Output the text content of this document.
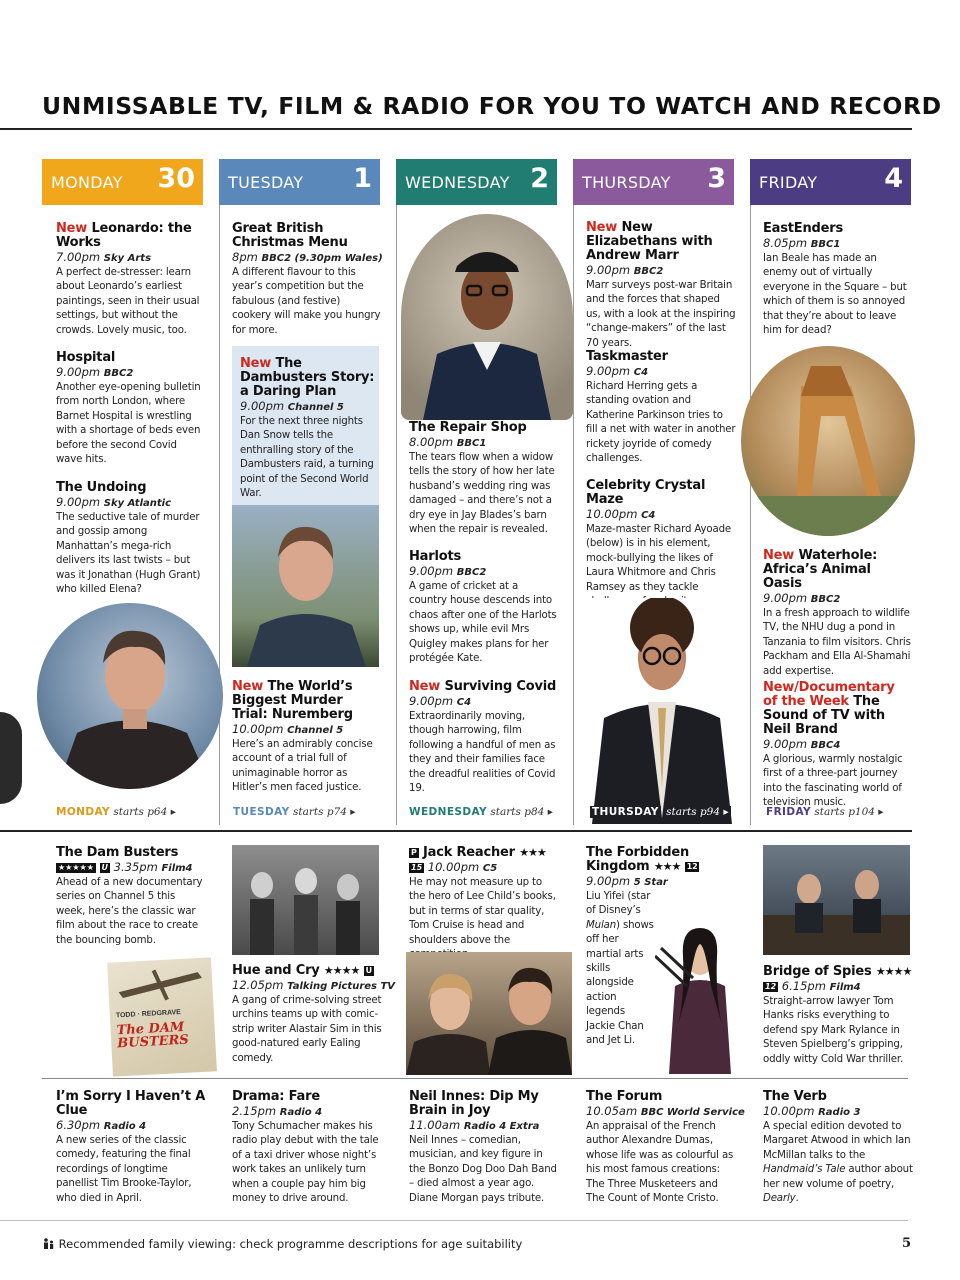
UNMISSABLE TV, FILM & RADIO FOR YOU TO WATCH AND RECORD
MONDAY 30 TUESDAY 1 WEDNESDAY 2 THURSDAY 3 FRIDAY 4
New Leonardo: the Works
7.00pm Sky Arts
A perfect de-stresser: learn about Leonardo’s earliest paintings, seen in their usual settings, but without the crowds. Lovely music, too.
Hospital
9.00pm BBC2
Another eye-opening bulletin from north London, where Barnet Hospital is wrestling with a shortage of beds even before the second Covid wave hits.
The Undoing
9.00pm Sky Atlantic
The seductive tale of murder and gossip among Manhattan’s mega-rich delivers its last twists – but was it Jonathan (Hugh Grant) who killed Elena?
Great British Christmas Menu
8pm BBC2 (9.30pm Wales)
A different flavour to this year’s competition but the fabulous (and festive) cookery will make you hungry for more.
New The Dambusters Story: a Daring Plan
9.00pm Channel 5
For the next three nights Dan Snow tells the enthralling story of the Dambusters raid, a turning point of the Second World War.
New The World’s Biggest Murder Trial: Nuremberg
10.00pm Channel 5
Here’s an admirably concise account of a trial full of unimaginable horror as Hitler’s men faced justice.
The Repair Shop
8.00pm BBC1
The tears flow when a widow tells the story of how her late husband’s wedding ring was damaged – and there’s not a dry eye in Jay Blades’s barn when the repair is revealed.
Harlots
9.00pm BBC2
A game of cricket at a country house descends into chaos after one of the Harlots shows up, while evil Mrs Quigley makes plans for her protégée Kate.
New Surviving Covid
9.00pm C4
Extraordinarily moving, though harrowing, film following a handful of men as they and their families face the dreadful realities of Covid 19.
New New Elizabethans with Andrew Marr
9.00pm BBC2
Marr surveys post-war Britain and the forces that shaped us, with a look at the inspiring “change-makers” of the last 70 years.
Taskmaster
9.00pm C4
Richard Herring gets a standing ovation and Katherine Parkinson tries to fill a net with water in another rickety joyride of comedy challenges.
Celebrity Crystal Maze
10.00pm C4
Maze-master Richard Ayoade (below) is in his element, mock-bullying the likes of Laura Whitmore and Chris Ramsey as they tackle
EastEnders
8.05pm BBC1
Ian Beale has made an enemy out of virtually everyone in the Square – but which of them is so annoyed that they’re about to leave him for dead?
New Waterhole: Africa’s Animal Oasis
9.00pm BBC2
In a fresh approach to wildlife TV, the NHU dug a pond in Tanzania to film visitors. Chris Packham and Ella Al-Shamahi add expertise.
New/Documentary of the Week The Sound of TV with Neil Brand
9.00pm BBC4
A glorious, warmly nostalgic first of a three-part journey into the fascinating world of television music.
MONDAY starts p64 ▸	TUESDAY starts p74 ▸	WEDNESDAY starts p84 ▸	THURSDAY starts p94 ▸	FRIDAY starts p104 ▸
The Dam Busters
★★★★★ U 3.35pm Film4
Ahead of a new documentary series on Channel 5 this week, here’s the classic war film about the race to create the bouncing bomb.
The DAM BUSTERS
TODD · REDGRAVE
Hue and Cry ★★★★ U
12.05pm Talking Pictures TV
A gang of crime-solving street urchins teams up with comic-strip writer Alastair Sim in this good-natured early Ealing comedy.
P Jack Reacher ★★★
15 10.00pm C5
He may not measure up to the hero of Lee Child’s books, but in terms of star quality, Tom Cruise is head and shoulders above the
The Forbidden Kingdom ★★★ 12
9.00pm 5 Star
Liu Yifei (star of Disney’s Mulan) shows off her martial arts skills alongside action legends Jackie Chan and Jet Li.
Bridge of Spies ★★★★
12 6.15pm Film4
Straight-arrow lawyer Tom Hanks risks everything to defend spy Mark Rylance in Steven Spielberg’s gripping, oddly witty Cold War thriller.
I’m Sorry I Haven’t A Clue
6.30pm Radio 4
A new series of the classic comedy, featuring the final recordings of longtime panellist Tim Brooke-Taylor, who died in April.
Drama: Fare
2.15pm Radio 4
Tony Schumacher makes his radio play debut with the tale of a taxi driver whose night’s work takes an unlikely turn when a couple pay him big money to drive around.
Neil Innes: Dip My Brain in Joy
11.00am Radio 4 Extra
Neil Innes – comedian, musician, and key figure in the Bonzo Dog Doo Dah Band – died almost a year ago. Diane Morgan pays tribute.
The Forum
10.05am BBC World Service
An appraisal of the French author Alexandre Dumas, whose life was as colourful as his most famous creations: The Three Musketeers and The Count of Monte Cristo.
The Verb
10.00pm Radio 3
A special edition devoted to Margaret Atwood in which Ian McMillan talks to the Handmaid’s Tale author about her new volume of poetry, Dearly.
Recommended family viewing: check programme descriptions for age suitability	5
